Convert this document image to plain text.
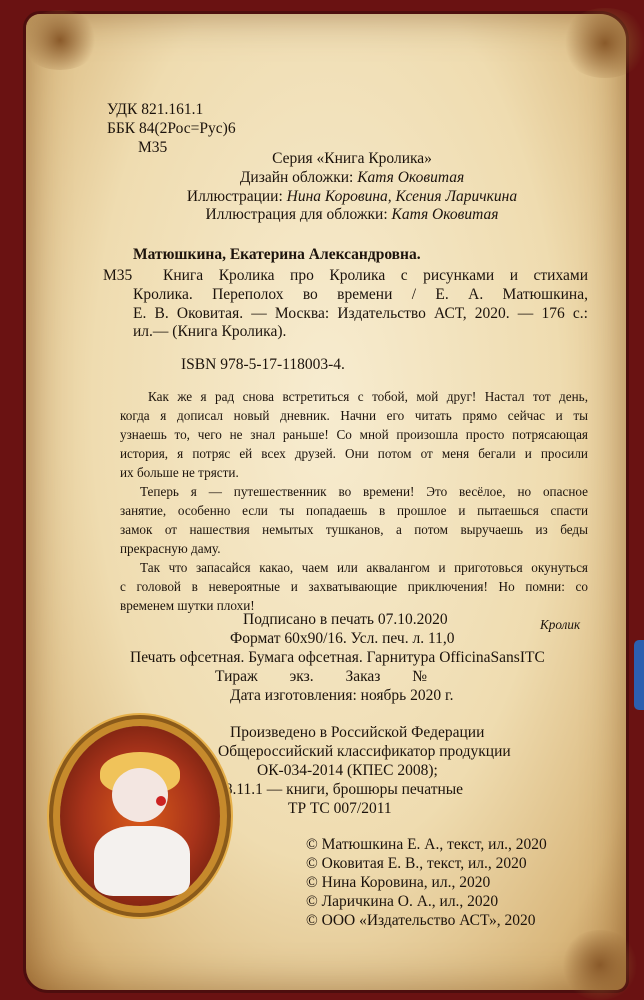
УДК 821.161.1
ББК 84(2Рос=Рус)6
М35
Серия «Книга Кролика»
Дизайн обложки: Катя Оковитая
Иллюстрации: Нина Коровина, Ксения Ларичкина
Иллюстрация для обложки: Катя Оковитая
Матюшкина, Екатерина Александровна.
М35 Книга Кролика про Кролика с рисунками и стихами
Кролика. Переполох во времени / Е. А. Матюшкина,
Е. В. Оковитая. — Москва: Издательство АСТ, 2020. — 176 с.:
ил.— (Книга Кролика).
ISBN 978-5-17-118003-4.
Как же я рад снова встретиться с тобой, мой друг! Настал тот день,
когда я дописал новый дневник. Начни его читать прямо сейчас и ты
узнаешь то, чего не знал раньше! Со мной произошла просто потрясающая
история, я потряс ей всех друзей. Они потом от меня бегали и просили
их больше не трясти.
Теперь я — путешественник во времени! Это весёлое, но опасное
занятие, особенно если ты попадаешь в прошлое и пытаешься спасти
замок от нашествия немытых тушканов, а потом выручаешь из беды
прекрасную даму.
Так что запасайся какао, чаем или аквалангом и приготовься окунуться
с головой в невероятные и захватывающие приключения! Но помни: со
временем шутки плохи!
Кролик
Подписано в печать 07.10.2020
Формат 60x90/16. Усл. печ. л. 11,0
Печать офсетная. Бумага офсетная. Гарнитура OfficinaSansITC
Тираж экз. Заказ №
Дата изготовления: ноябрь 2020 г.
Произведено в Российской Федерации
Общероссийский классификатор продукции
ОК-034-2014 (КПЕС 2008);
58.11.1 — книги, брошюры печатные
ТР ТС 007/2011
© Матюшкина Е. А., текст, ил., 2020
© Оковитая Е. В., текст, ил., 2020
© Нина Коровина, ил., 2020
© Ларичкина О. А., ил., 2020
© ООО «Издательство АСТ», 2020
